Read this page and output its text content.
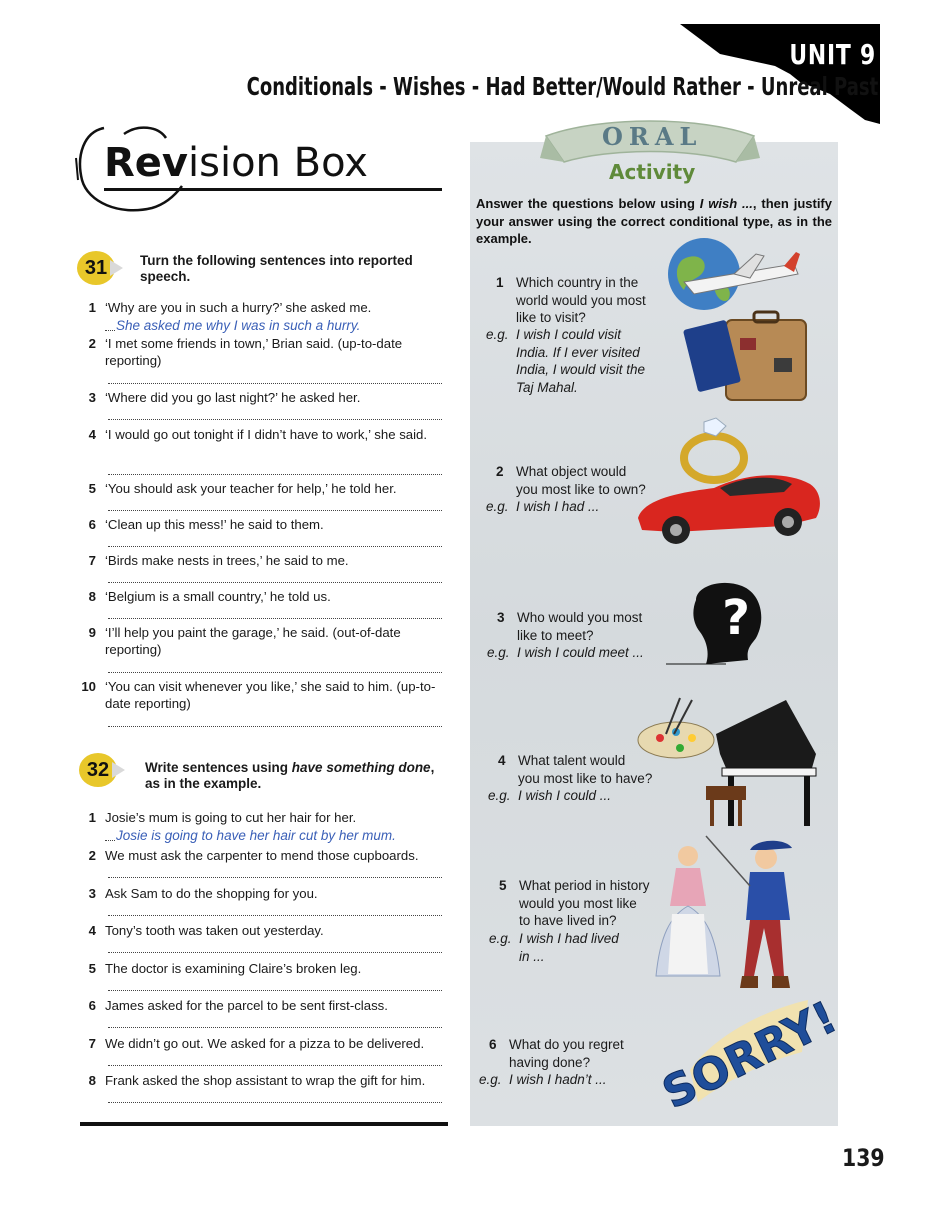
UNIT 9
Conditionals - Wishes - Had Better/Would Rather - Unreal Past
Revision Box
31	Turn the following sentences into reported speech.
1 ‘Why are you in such a hurry?’ she asked me.
She asked me why I was in such a hurry.
2 ‘I met some friends in town,’ Brian said. (up-to-date reporting)
3 ‘Where did you go last night?’ he asked her.
4 ‘I would go out tonight if I didn’t have to work,’ she said.
5 ‘You should ask your teacher for help,’ he told her.
6 ‘Clean up this mess!’ he said to them.
7 ‘Birds make nests in trees,’ he said to me.
8 ‘Belgium is a small country,’ he told us.
9 ‘I’ll help you paint the garage,’ he said. (out-of-date reporting)
10 ‘You can visit whenever you like,’ she said to him. (up-to-date reporting)
32	Write sentences using have something done, as in the example.
1 Josie’s mum is going to cut her hair for her.
Josie is going to have her hair cut by her mum.
2 We must ask the carpenter to mend those cupboards.
3 Ask Sam to do the shopping for you.
4 Tony’s tooth was taken out yesterday.
5 The doctor is examining Claire’s broken leg.
6 James asked for the parcel to be sent first-class.
7 We didn’t go out. We asked for a pizza to be delivered.
8 Frank asked the shop assistant to wrap the gift for him.
ORAL
Activity
Answer the questions below using I wish ..., then justify your answer using the correct conditional type, as in the example.
?
SORRY!
1 Which country in the
world would you most
like to visit?
e.g. I wish I could visit
India. If I ever visited
India, I would visit the
Taj Mahal.
2 What object would
you most like to own?
e.g. I wish I had ...
3 Who would you most
like to meet?
e.g. I wish I could meet ...
4 What talent would
you most like to have?
e.g. I wish I could ...
5 What period in history
would you most like
to have lived in?
e.g. I wish I had lived
in ...
6 What do you regret
having done?
e.g. I wish I hadn’t ...
139
